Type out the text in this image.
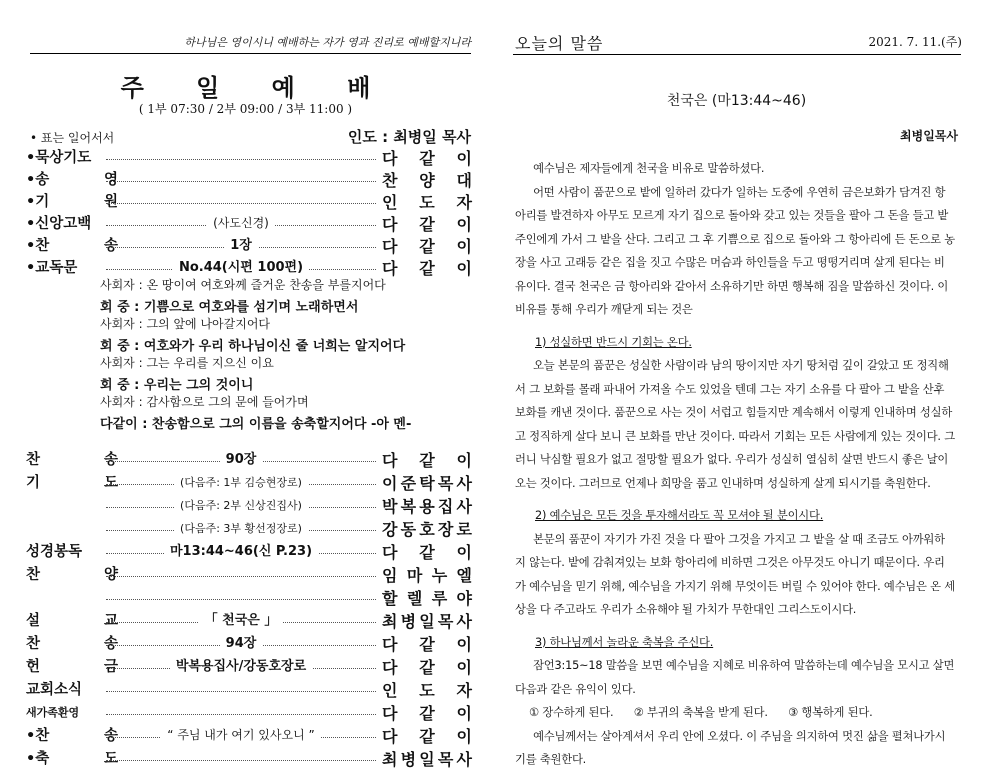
하나님은 영이시니 예배하는 자가 영과 진리로 예배할지니라
주 일 예 배
( 1부 07:30 / 2부 09:00 / 3부 11:00 )
• 표는 일어서서	인도 : 최병일 목사
•묵상기도	다 같 이
•송	영	찬 양 대
•기	원	인 도 자
•신앙고백	(사도신경)	다 같 이
•찬	송	1장	다 같 이
•교독문	No.44(시편 100편)	다 같 이
사회자 : 온 땅이여 여호와께 즐거운 찬송을 부를지어다
회 중 : 기쁨으로 여호와를 섬기며 노래하면서
사회자 : 그의 앞에 나아갈지어다
회 중 : 여호와가 우리 하나님이신 줄 너희는 알지어다
사회자 : 그는 우리를 지으신 이요
회 중 : 우리는 그의 것이니
사회자 : 감사함으로 그의 문에 들어가며
다같이 : 찬송함으로 그의 이름을 송축할지어다 -아 멘-
찬	송	90장	다 같 이
기	도	(다음주: 1부 김승현장로)	이 준 탁 목 사
(다음주: 2부 신상진집사)	박 복 용 집 사
(다음주: 3부 황선정장로)	강 동 호 장 로
성경봉독	마13:44~46(신 P.23)	다 같 이
찬	양	임 마 누 엘
할 렐 루 야
설	교	「 천국은 」	최 병 일 목 사
찬	송	94장	다 같 이
헌	금	박복용집사/강동호장로	다 같 이
교회소식	인 도 자
새가족환영	다 같 이
•찬	송	“ 주님 내가 여기 있사오니 ”	다 같 이
•축	도	최 병 일 목 사
오늘의 말씀	2021. 7. 11.(주)
천국은 (마13:44~46)
최병일목사

예수님은 제자들에게 천국을 비유로 말씀하셨다.

어떤 사람이 품꾼으로 밭에 일하러 갔다가 일하는 도중에 우연히 금은보화가 담겨진 항아리를 발견하자 아무도 모르게 자기 집으로 돌아와 갖고 있는 것들을 팔아 그 돈을 들고 밭주인에게 가서 그 밭을 산다. 그리고 그 후 기쁨으로 집으로 돌아와 그 항아리에 든 돈으로 농장을 사고 고래등 같은 집을 짓고 수많은 머슴과 하인들을 두고 떵떵거리며 살게 된다는 비유이다. 결국 천국은 금 항아리와 같아서 소유하기만 하면 행복해 짐을 말씀하신 것이다. 이 비유를 통해 우리가 깨닫게 되는 것은

1) 성실하면 반드시 기회는 온다.

오늘 본문의 품꾼은 성실한 사람이라 남의 땅이지만 자기 땅처럼 깊이 갈았고 또 정직해서 그 보화를 몰래 파내어 가져올 수도 있었을 텐데 그는 자기 소유를 다 팔아 그 밭을 산후 보화를 캐낸 것이다. 품꾼으로 사는 것이 서럽고 힘들지만 계속해서 이렇게 인내하며 성실하고 정직하게 살다 보니 큰 보화를 만난 것이다. 따라서 기회는 모든 사람에게 있는 것이다. 그러니 낙심할 필요가 없고 절망할 필요가 없다. 우리가 성실히 열심히 살면 반드시 좋은 날이 오는 것이다. 그러므로 언제나 희망을 품고 인내하며 성실하게 살게 되시기를 축원한다.

2) 예수님은 모든 것을 투자해서라도 꼭 모셔야 될 분이시다.

본문의 품꾼이 자기가 가진 것을 다 팔아 그것을 가지고 그 밭을 살 때 조금도 아까워하지 않는다. 밭에 감춰져있는 보화 항아리에 비하면 그것은 아무것도 아니기 때문이다. 우리가 예수님을 믿기 위해, 예수님을 가지기 위해 무엇이든 버릴 수 있어야 한다. 예수님은 온 세상을 다 주고라도 우리가 소유해야 될 가치가 무한대인 그리스도이시다.

3) 하나님께서 놀라운 축복을 주신다.

잠언3:15~18 말씀을 보면 예수님을 지혜로 비유하여 말씀하는데 예수님을 모시고 살면 다음과 같은 유익이 있다.

① 장수하게 된다.      ② 부귀의 축복을 받게 된다.      ③ 행복하게 된다.

예수님께서는 살아계셔서 우리 안에 오셨다. 이 주님을 의지하여 멋진 삶을 펼쳐나가시기를 축원한다.
